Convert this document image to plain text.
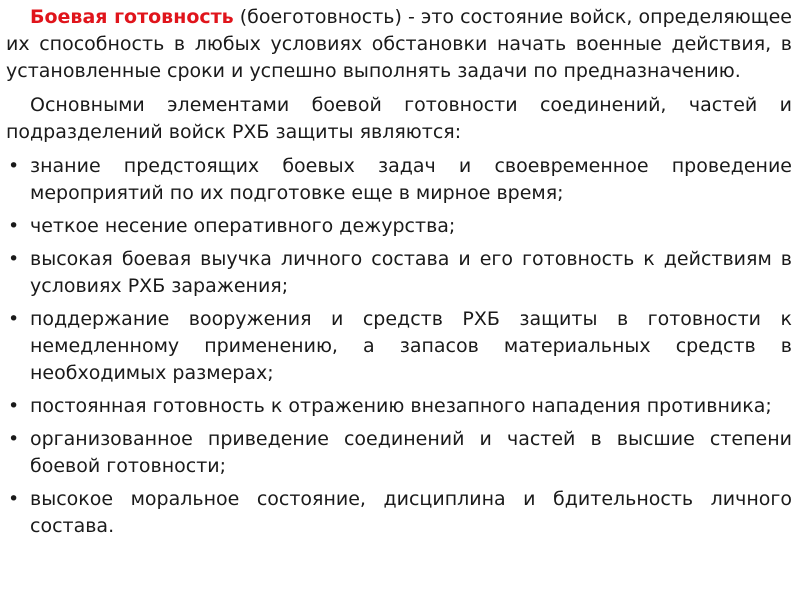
Боевая готовность (боеготовность) - это состояние войск, определяющее их способность в любых условиях обстановки начать военные действия, в установленные сроки и успешно выполнять задачи по предназначению.

Основными элементами боевой готовности соединений, частей и подразделений войск РХБ защиты являются:

• знание предстоящих боевых задач и своевременное проведение мероприятий по их подготовке еще в мирное время;
• четкое несение оперативного дежурства;
• высокая боевая выучка личного состава и его готовность к действиям в условиях РХБ заражения;
• поддержание вооружения и средств РХБ защиты в готовности к немедленному применению, а запасов материальных средств в необходимых размерах;
• постоянная готовность к отражению внезапного нападения противника;
• организованное приведение соединений и частей в высшие степени боевой готовности;
• высокое моральное состояние, дисциплина и бдительность личного состава.
